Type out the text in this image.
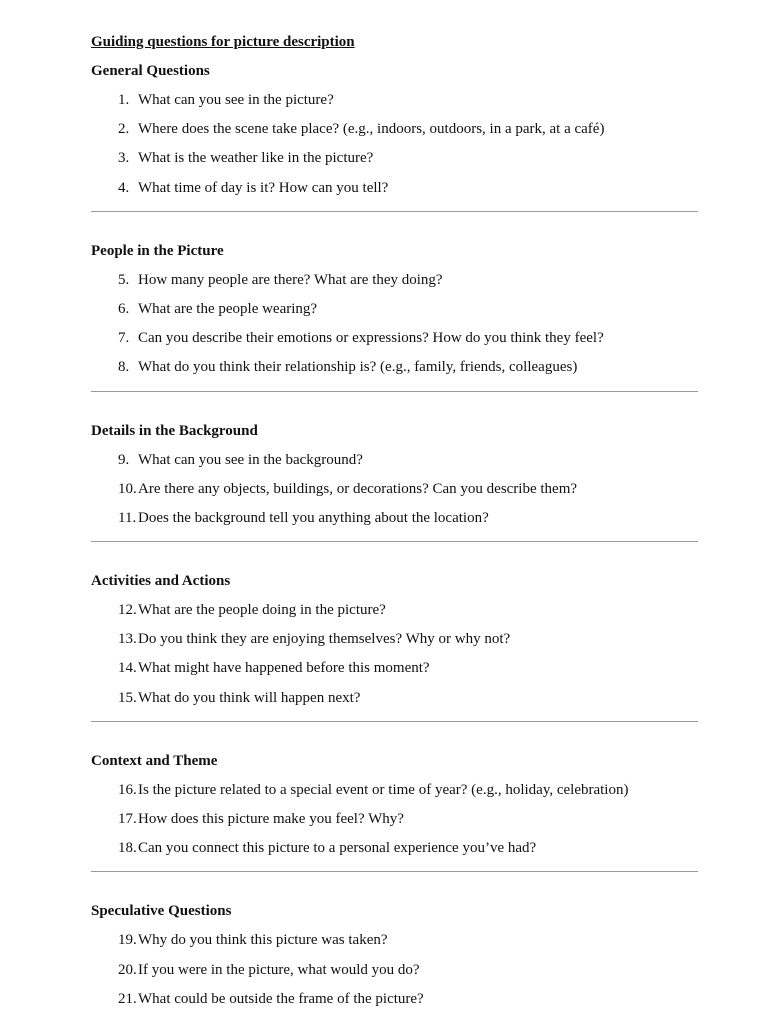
Guiding questions for picture description

General Questions

1. What can you see in the picture?
2. Where does the scene take place? (e.g., indoors, outdoors, in a park, at a café)
3. What is the weather like in the picture?
4. What time of day is it? How can you tell?

People in the Picture

5. How many people are there? What are they doing?
6. What are the people wearing?
7. Can you describe their emotions or expressions? How do you think they feel?
8. What do you think their relationship is? (e.g., family, friends, colleagues)

Details in the Background

9. What can you see in the background?
10. Are there any objects, buildings, or decorations? Can you describe them?
11. Does the background tell you anything about the location?

Activities and Actions

12. What are the people doing in the picture?
13. Do you think they are enjoying themselves? Why or why not?
14. What might have happened before this moment?
15. What do you think will happen next?

Context and Theme

16. Is the picture related to a special event or time of year? (e.g., holiday, celebration)
17. How does this picture make you feel? Why?
18. Can you connect this picture to a personal experience you’ve had?

Speculative Questions

19. Why do you think this picture was taken?
20. If you were in the picture, what would you do?
21. What could be outside the frame of the picture?
